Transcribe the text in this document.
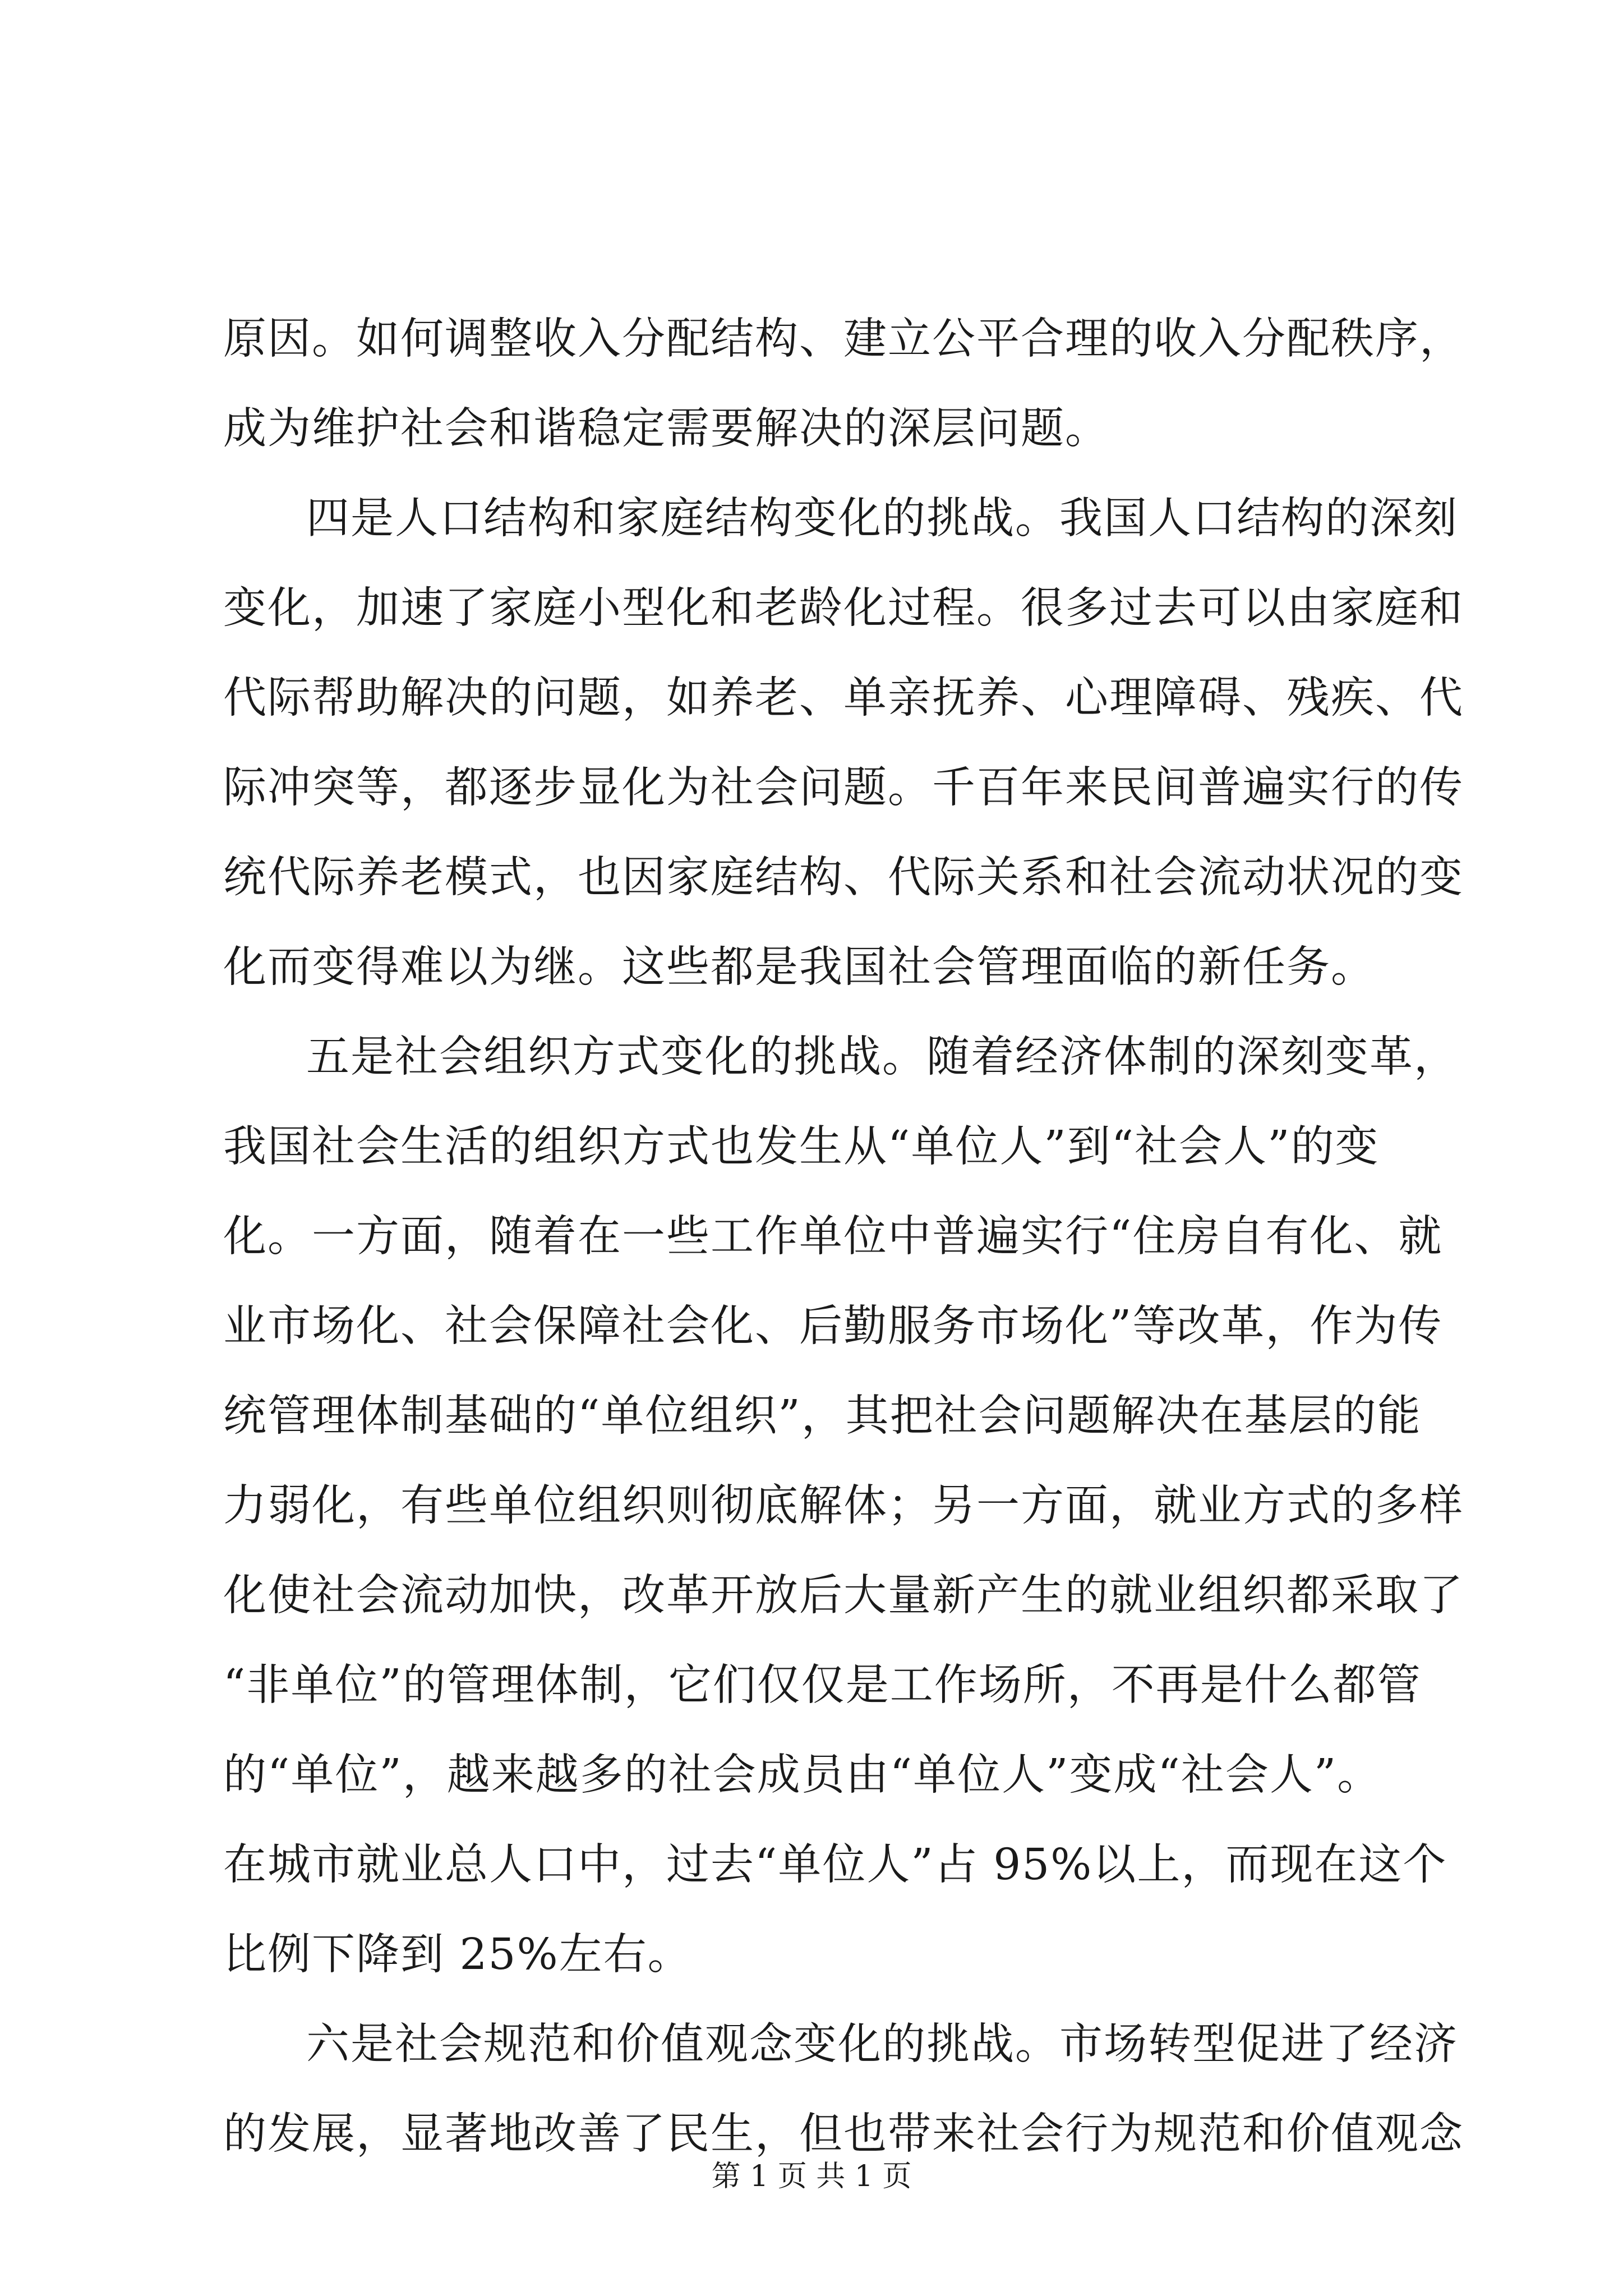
原因。如何调整收入分配结构、建立公平合理的收入分配秩序，
成为维护社会和谐稳定需要解决的深层问题。
四是人口结构和家庭结构变化的挑战。我国人口结构的深刻
变化，加速了家庭小型化和老龄化过程。很多过去可以由家庭和
代际帮助解决的问题，如养老、单亲抚养、心理障碍、残疾、代
际冲突等，都逐步显化为社会问题。千百年来民间普遍实行的传
统代际养老模式，也因家庭结构、代际关系和社会流动状况的变
化而变得难以为继。这些都是我国社会管理面临的新任务。
五是社会组织方式变化的挑战。随着经济体制的深刻变革，
我国社会生活的组织方式也发生从“单位人”到“社会人”的变
化。一方面，随着在一些工作单位中普遍实行“住房自有化、就
业市场化、社会保障社会化、后勤服务市场化”等改革，作为传
统管理体制基础的“单位组织”，其把社会问题解决在基层的能
力弱化，有些单位组织则彻底解体；另一方面，就业方式的多样
化使社会流动加快，改革开放后大量新产生的就业组织都采取了
“非单位”的管理体制，它们仅仅是工作场所，不再是什么都管
的“单位”，越来越多的社会成员由“单位人”变成“社会人”。
在城市就业总人口中，过去“单位人”占 95%以上，而现在这个
比例下降到 25%左右。
六是社会规范和价值观念变化的挑战。市场转型促进了经济
的发展，显著地改善了民生，但也带来社会行为规范和价值观念
第 1 页 共 1 页
